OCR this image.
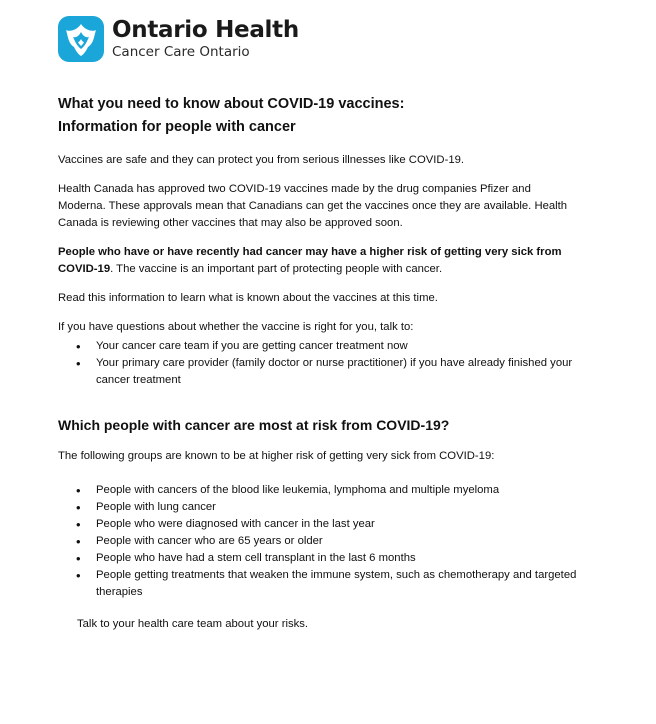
Ontario Health
Cancer Care Ontario
What you need to know about COVID-19 vaccines:
Information for people with cancer

Vaccines are safe and they can protect you from serious illnesses like COVID-19.

Health Canada has approved two COVID-19 vaccines made by the drug companies Pfizer and Moderna. These approvals mean that Canadians can get the vaccines once they are available. Health Canada is reviewing other vaccines that may also be approved soon.

People who have or have recently had cancer may have a higher risk of getting very sick from COVID-19. The vaccine is an important part of protecting people with cancer.

Read this information to learn what is known about the vaccines at this time.

If you have questions about whether the vaccine is right for you, talk to:

• Your cancer care team if you are getting cancer treatment now
• Your primary care provider (family doctor or nurse practitioner) if you have already finished your cancer treatment
Which people with cancer are most at risk from COVID-19?

The following groups are known to be at higher risk of getting very sick from COVID-19:

• People with cancers of the blood like leukemia, lymphoma and multiple myeloma
• People with lung cancer
• People who were diagnosed with cancer in the last year
• People with cancer who are 65 years or older
• People who have had a stem cell transplant in the last 6 months
• People getting treatments that weaken the immune system, such as chemotherapy and targeted therapies

Talk to your health care team about your risks.
